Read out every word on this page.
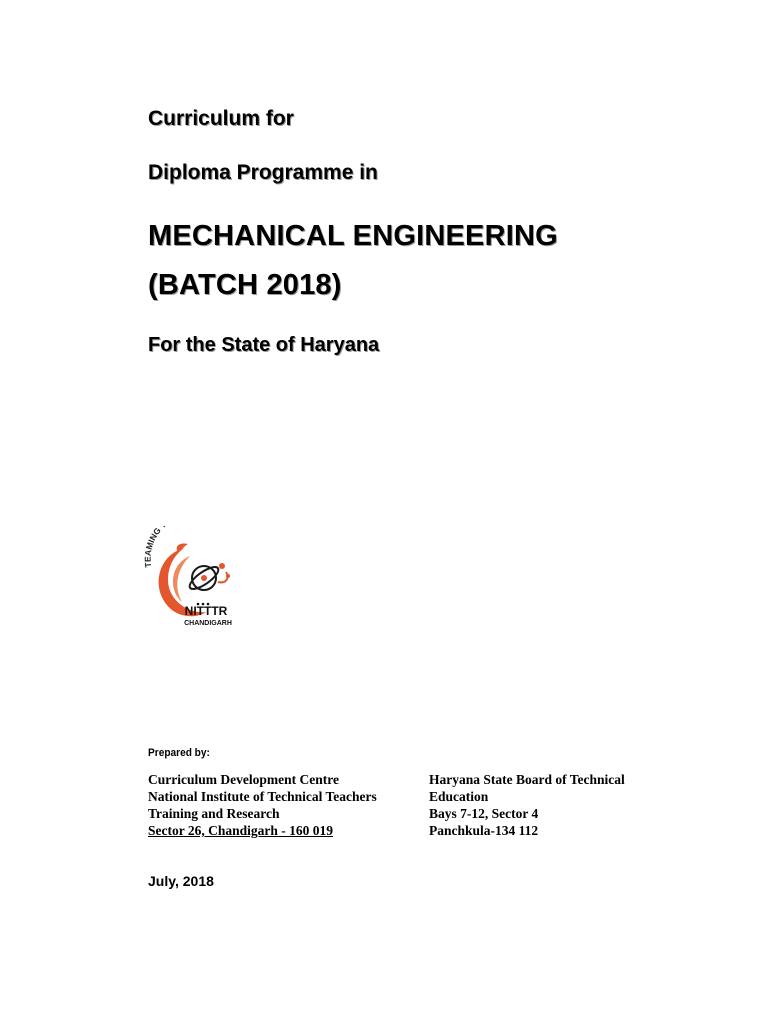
Curriculum for

Diploma Programme in

MECHANICAL ENGINEERING

(BATCH 2018)

For the State of Haryana

MING
NITTTR
CHANDIGARH

Prepared by:

Curriculum Development Centre
National Institute of Technical Teachers
Training and Research
Sector 26, Chandigarh - 160 019
Haryana State Board of Technical
Education
Bays 7-12, Sector 4
Panchkula-134 112

July, 2018
